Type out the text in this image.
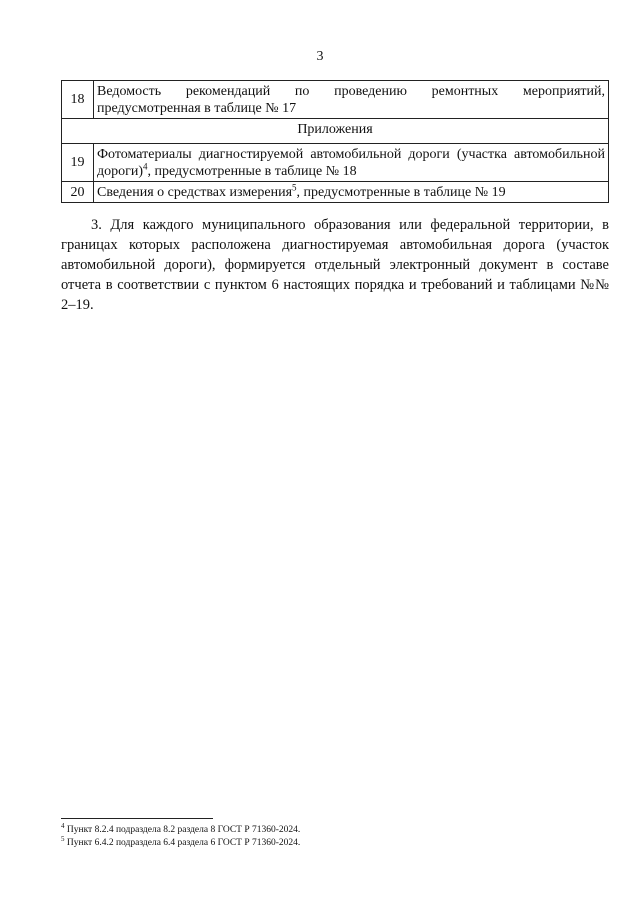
3
18	Ведомость рекомендаций по проведению ремонтных мероприятий, предусмотренная в таблице № 17
Приложения	
19	Фотоматериалы диагностируемой автомобильной дороги (участка автомобильной дороги)$^4$, предусмотренные в таблице № 18
20	Сведения о средствах измерения$^5$, предусмотренные в таблице № 19

3. Для каждого муниципального образования или федеральной территории, в границах которых расположена диагностируемая автомобильная дорога (участок автомобильной дороги), формируется отдельный электронный документ в составе отчета в соответствии с пунктом 6 настоящих порядка и требований и таблицами №№ 2–19.

$^4$ Пункт 8.2.4 подраздела 8.2 раздела 8 ГОСТ Р 71360-2024.
$^5$ Пункт 6.4.2 подраздела 6.4 раздела 6 ГОСТ Р 71360-2024.
